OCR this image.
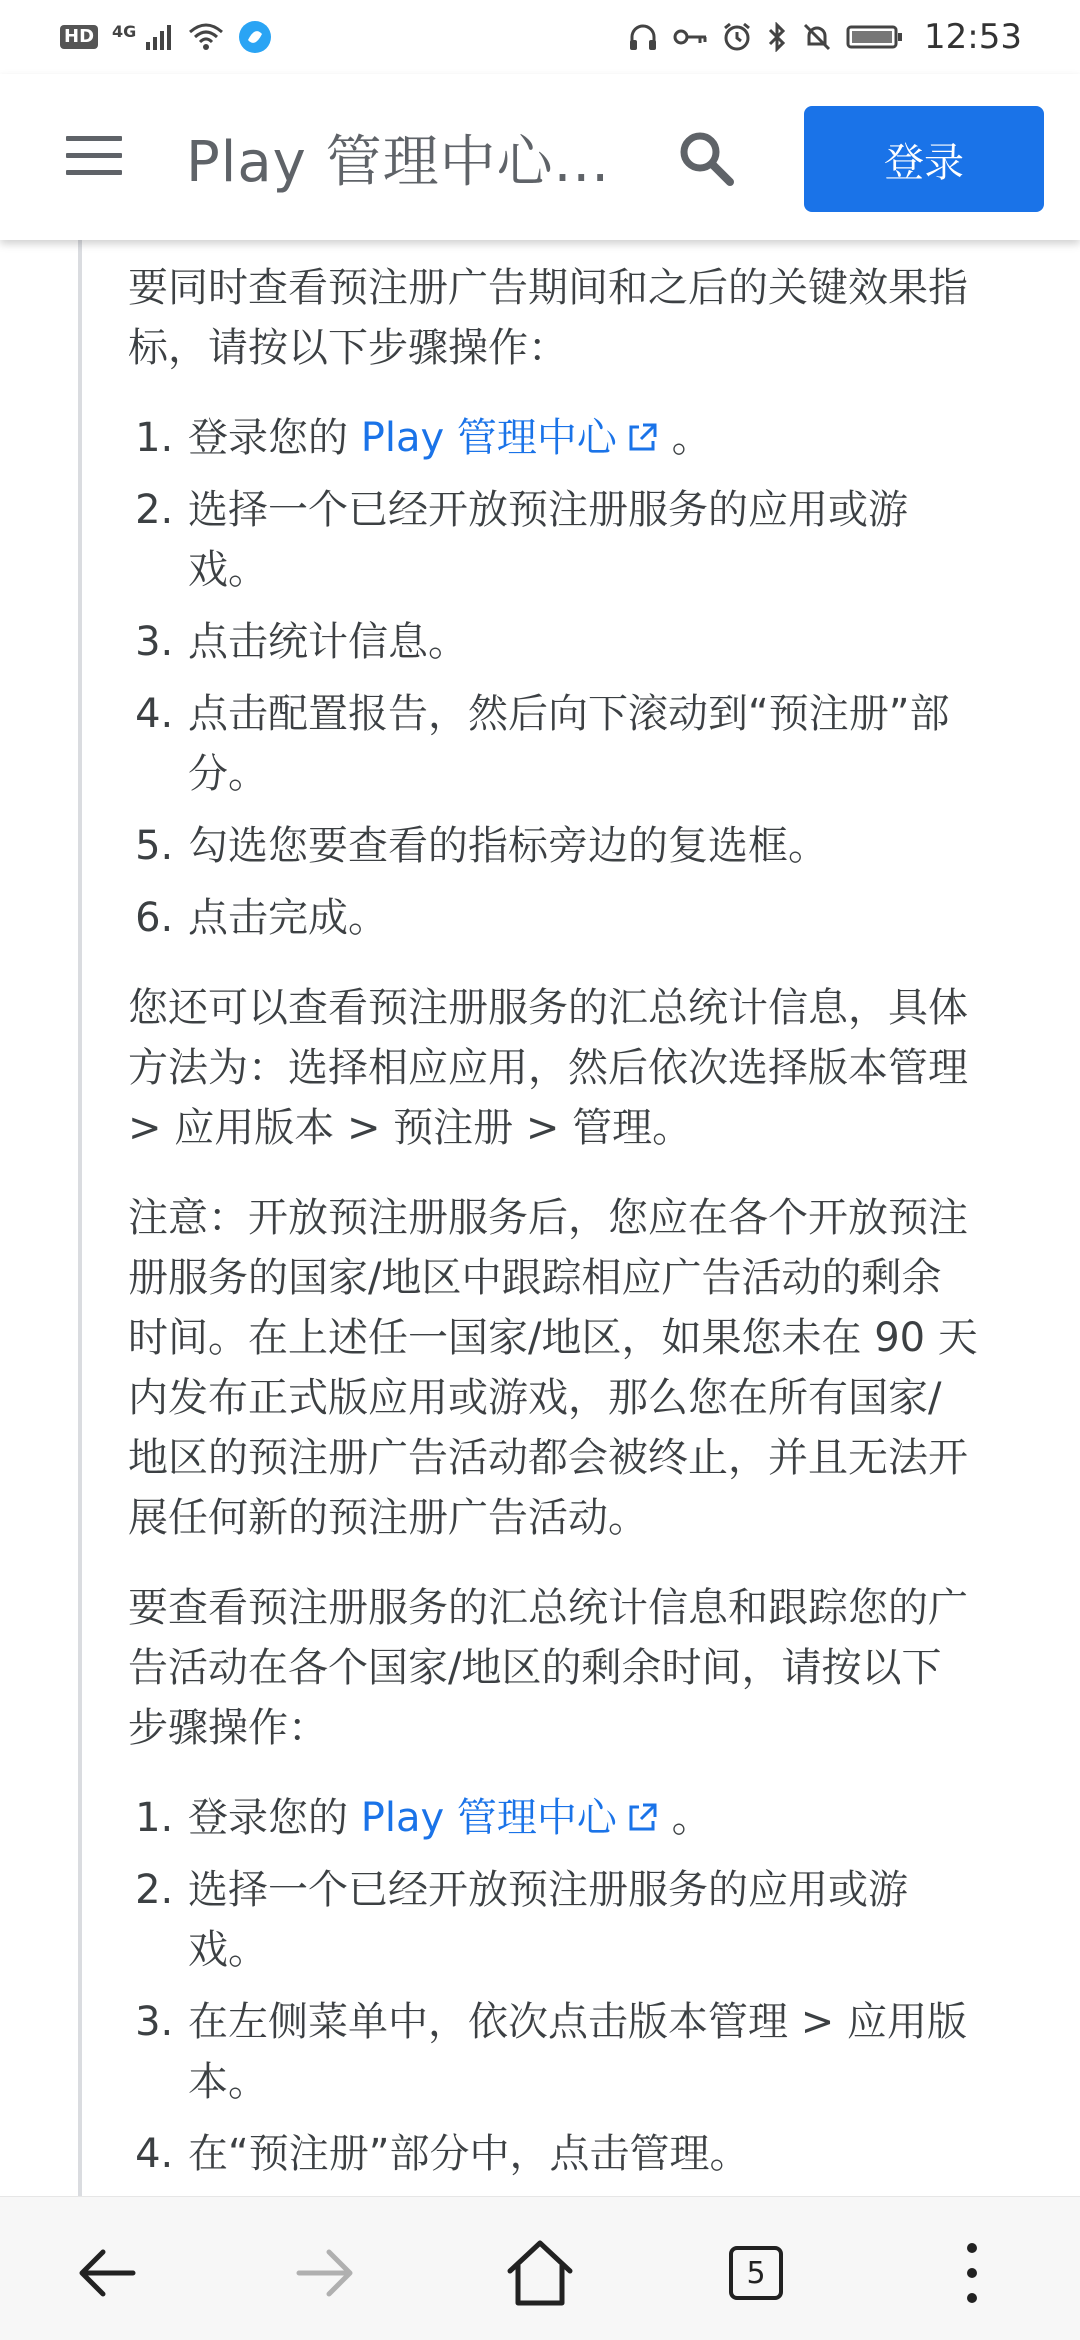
HD 4G	12:53
Play 管理中心...	登录

要同时查看预注册广告期间和之后的关键效果指标，请按以下步骤操作：

1. 登录您的 Play 管理中心 。
2. 选择一个已经开放预注册服务的应用或游戏。
3. 点击统计信息。
4. 点击配置报告，然后向下滚动到“预注册”部分。
5. 勾选您要查看的指标旁边的复选框。
6. 点击完成。

您还可以查看预注册服务的汇总统计信息，具体方法为：选择相应应用，然后依次选择版本管理 > 应用版本 > 预注册 > 管理。

注意：开放预注册服务后，您应在各个开放预注册服务的国家/地区中跟踪相应广告活动的剩余时间。在上述任一国家/地区，如果您未在 90 天内发布正式版应用或游戏，那么您在所有国家/地区的预注册广告活动都会被终止，并且无法开展任何新的预注册广告活动。

要查看预注册服务的汇总统计信息和跟踪您的广告活动在各个国家/地区的剩余时间，请按以下步骤操作：

1. 登录您的 Play 管理中心 。
2. 选择一个已经开放预注册服务的应用或游戏。
3. 在左侧菜单中，依次点击版本管理 > 应用版本。
4. 在“预注册”部分中，点击管理。
5
